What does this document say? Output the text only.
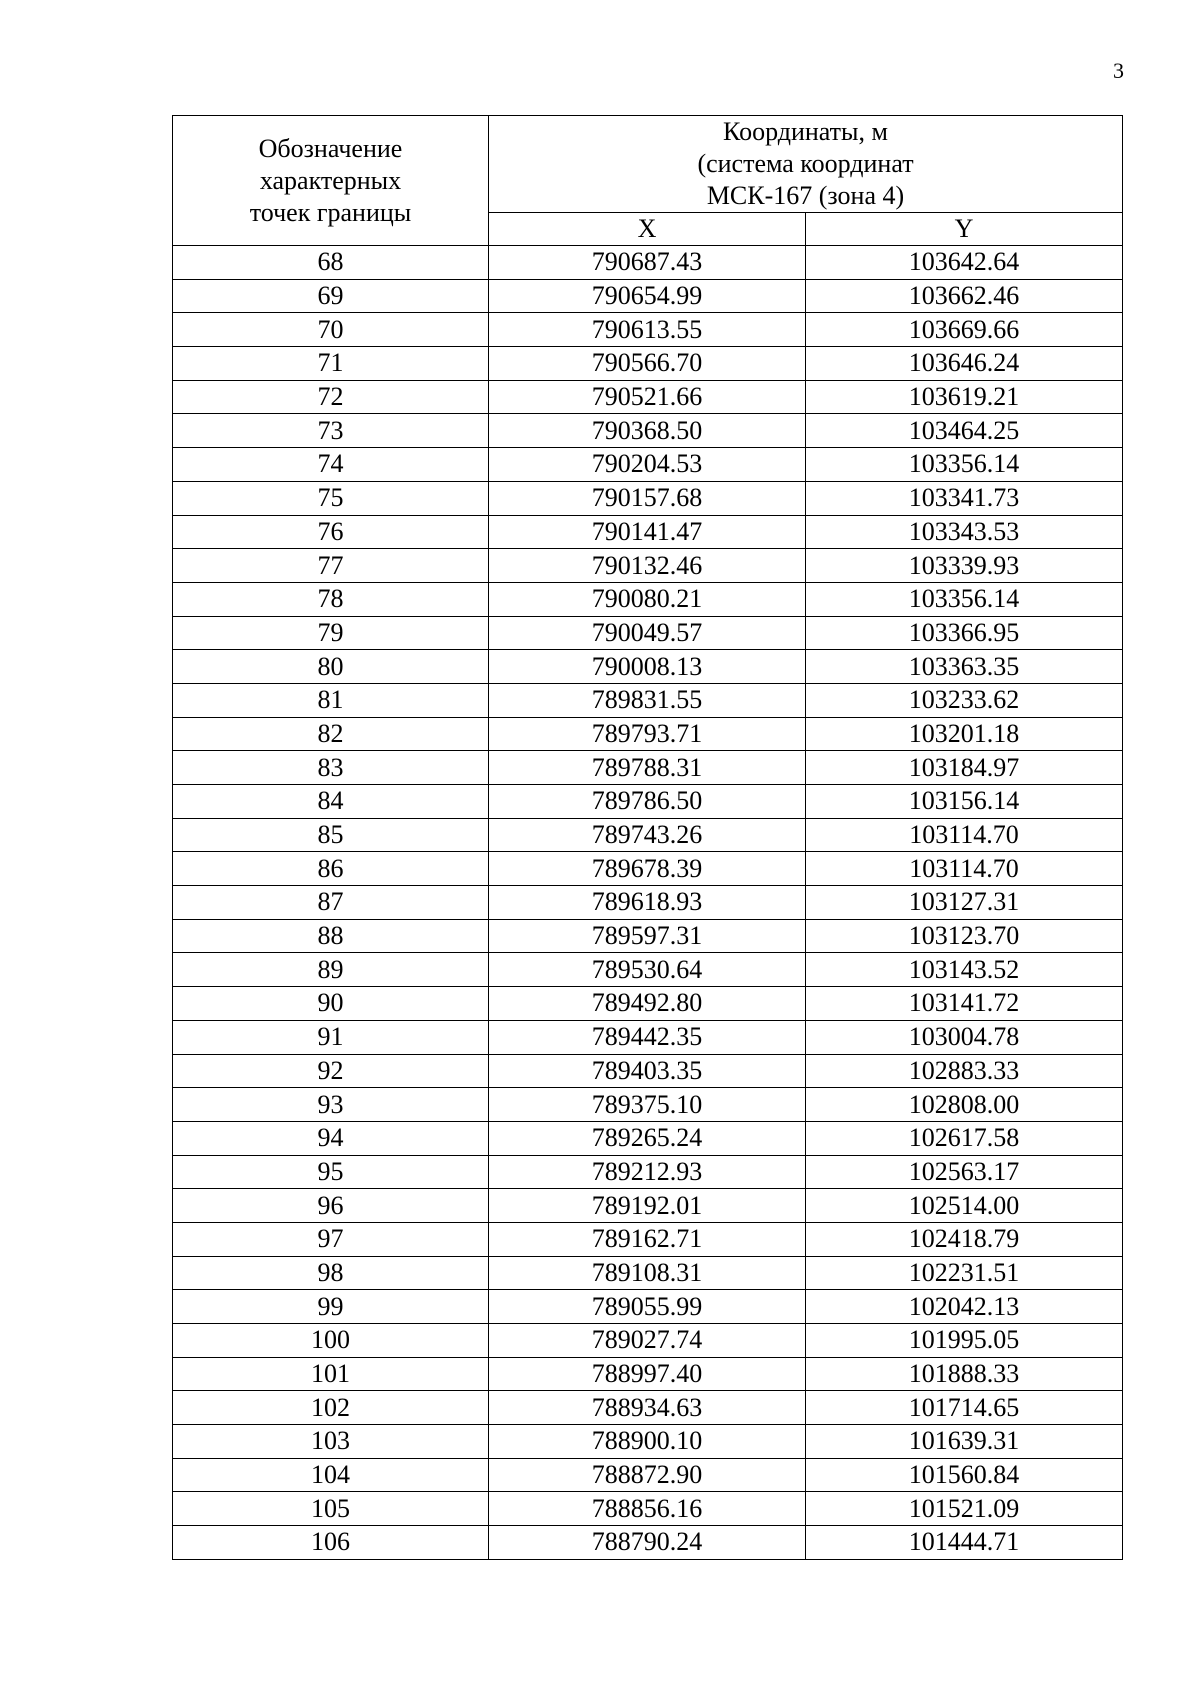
3
Обозначение
характерных
точек границы	Координаты, м
(система координат
МСК-167 (зона 4)	

	X	Y
68	790687.43	103642.64
69	790654.99	103662.46
70	790613.55	103669.66
71	790566.70	103646.24
72	790521.66	103619.21
73	790368.50	103464.25
74	790204.53	103356.14
75	790157.68	103341.73
76	790141.47	103343.53
77	790132.46	103339.93
78	790080.21	103356.14
79	790049.57	103366.95
80	790008.13	103363.35
81	789831.55	103233.62
82	789793.71	103201.18
83	789788.31	103184.97
84	789786.50	103156.14
85	789743.26	103114.70
86	789678.39	103114.70
87	789618.93	103127.31
88	789597.31	103123.70
89	789530.64	103143.52
90	789492.80	103141.72
91	789442.35	103004.78
92	789403.35	102883.33
93	789375.10	102808.00
94	789265.24	102617.58
95	789212.93	102563.17
96	789192.01	102514.00
97	789162.71	102418.79
98	789108.31	102231.51
99	789055.99	102042.13
100	789027.74	101995.05
101	788997.40	101888.33
102	788934.63	101714.65
103	788900.10	101639.31
104	788872.90	101560.84
105	788856.16	101521.09
106	788790.24	101444.71
